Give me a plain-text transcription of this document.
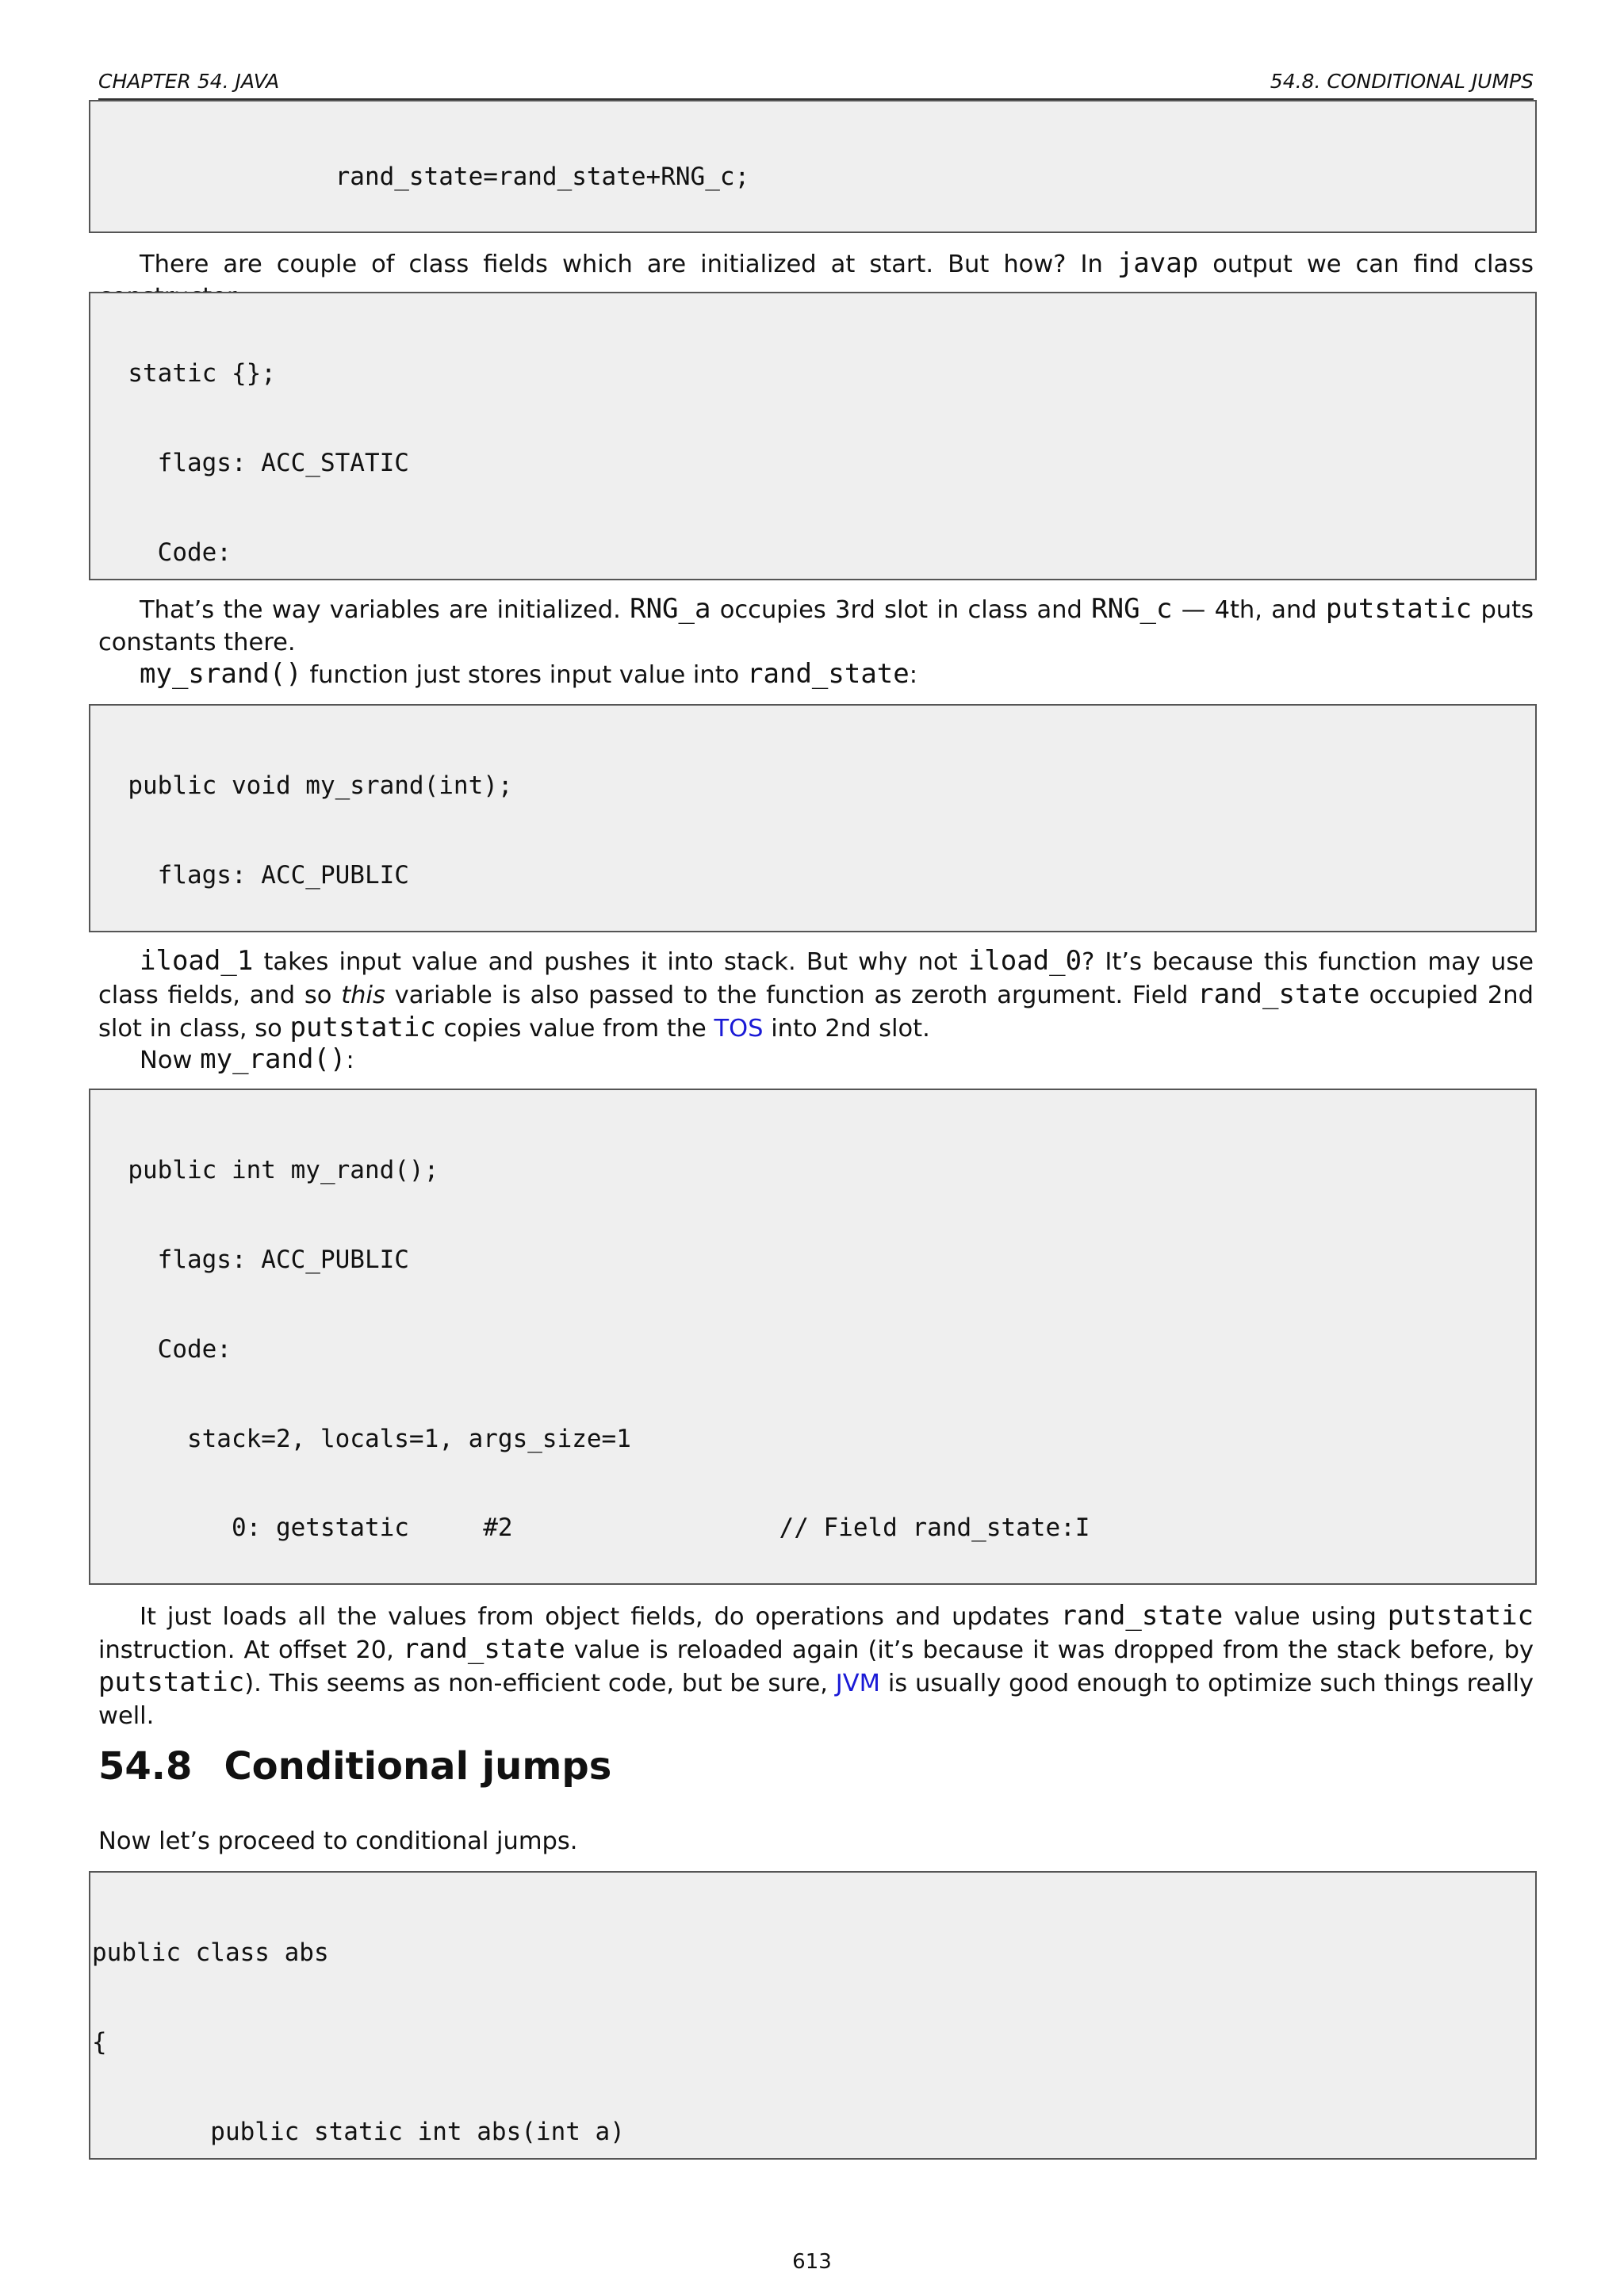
CHAPTER 54. JAVA	54.8. CONDITIONAL JUMPS

rand_state=rand_state+RNG_c;

There are couple of class fields which are initialized at start. But how? In javap output we can find class

static {};

flags: ACC_STATIC

Code:

That’s the way variables are initialized. RNG_a occupies 3rd slot in class and RNG_c — 4th, and putstatic puts constants there.
my_srand() function just stores input value into rand_state:

public void my_srand(int);

flags: ACC_PUBLIC

iload_1 takes input value and pushes it into stack. But why not iload_0? It’s because this function may use class fields, and so this variable is also passed to the function as zeroth argument. Field rand_state occupied 2nd slot in class, so putstatic copies value from the TOS into 2nd slot.
Now my_rand():

public int my_rand();

flags: ACC_PUBLIC

Code:

stack=2, locals=1, args_size=1

0: getstatic     #2                  // Field rand_state:I

It just loads all the values from object fields, do operations and updates rand_state value using putstatic instruction. At offset 20, rand_state value is reloaded again (it’s because it was dropped from the stack before, by putstatic). This seems as non-efficient code, but be sure, JVM is usually good enough to optimize such things really well.
54.8 Conditional jumps
Now let’s proceed to conditional jumps.

public class abs

{

public static int abs(int a)

613
